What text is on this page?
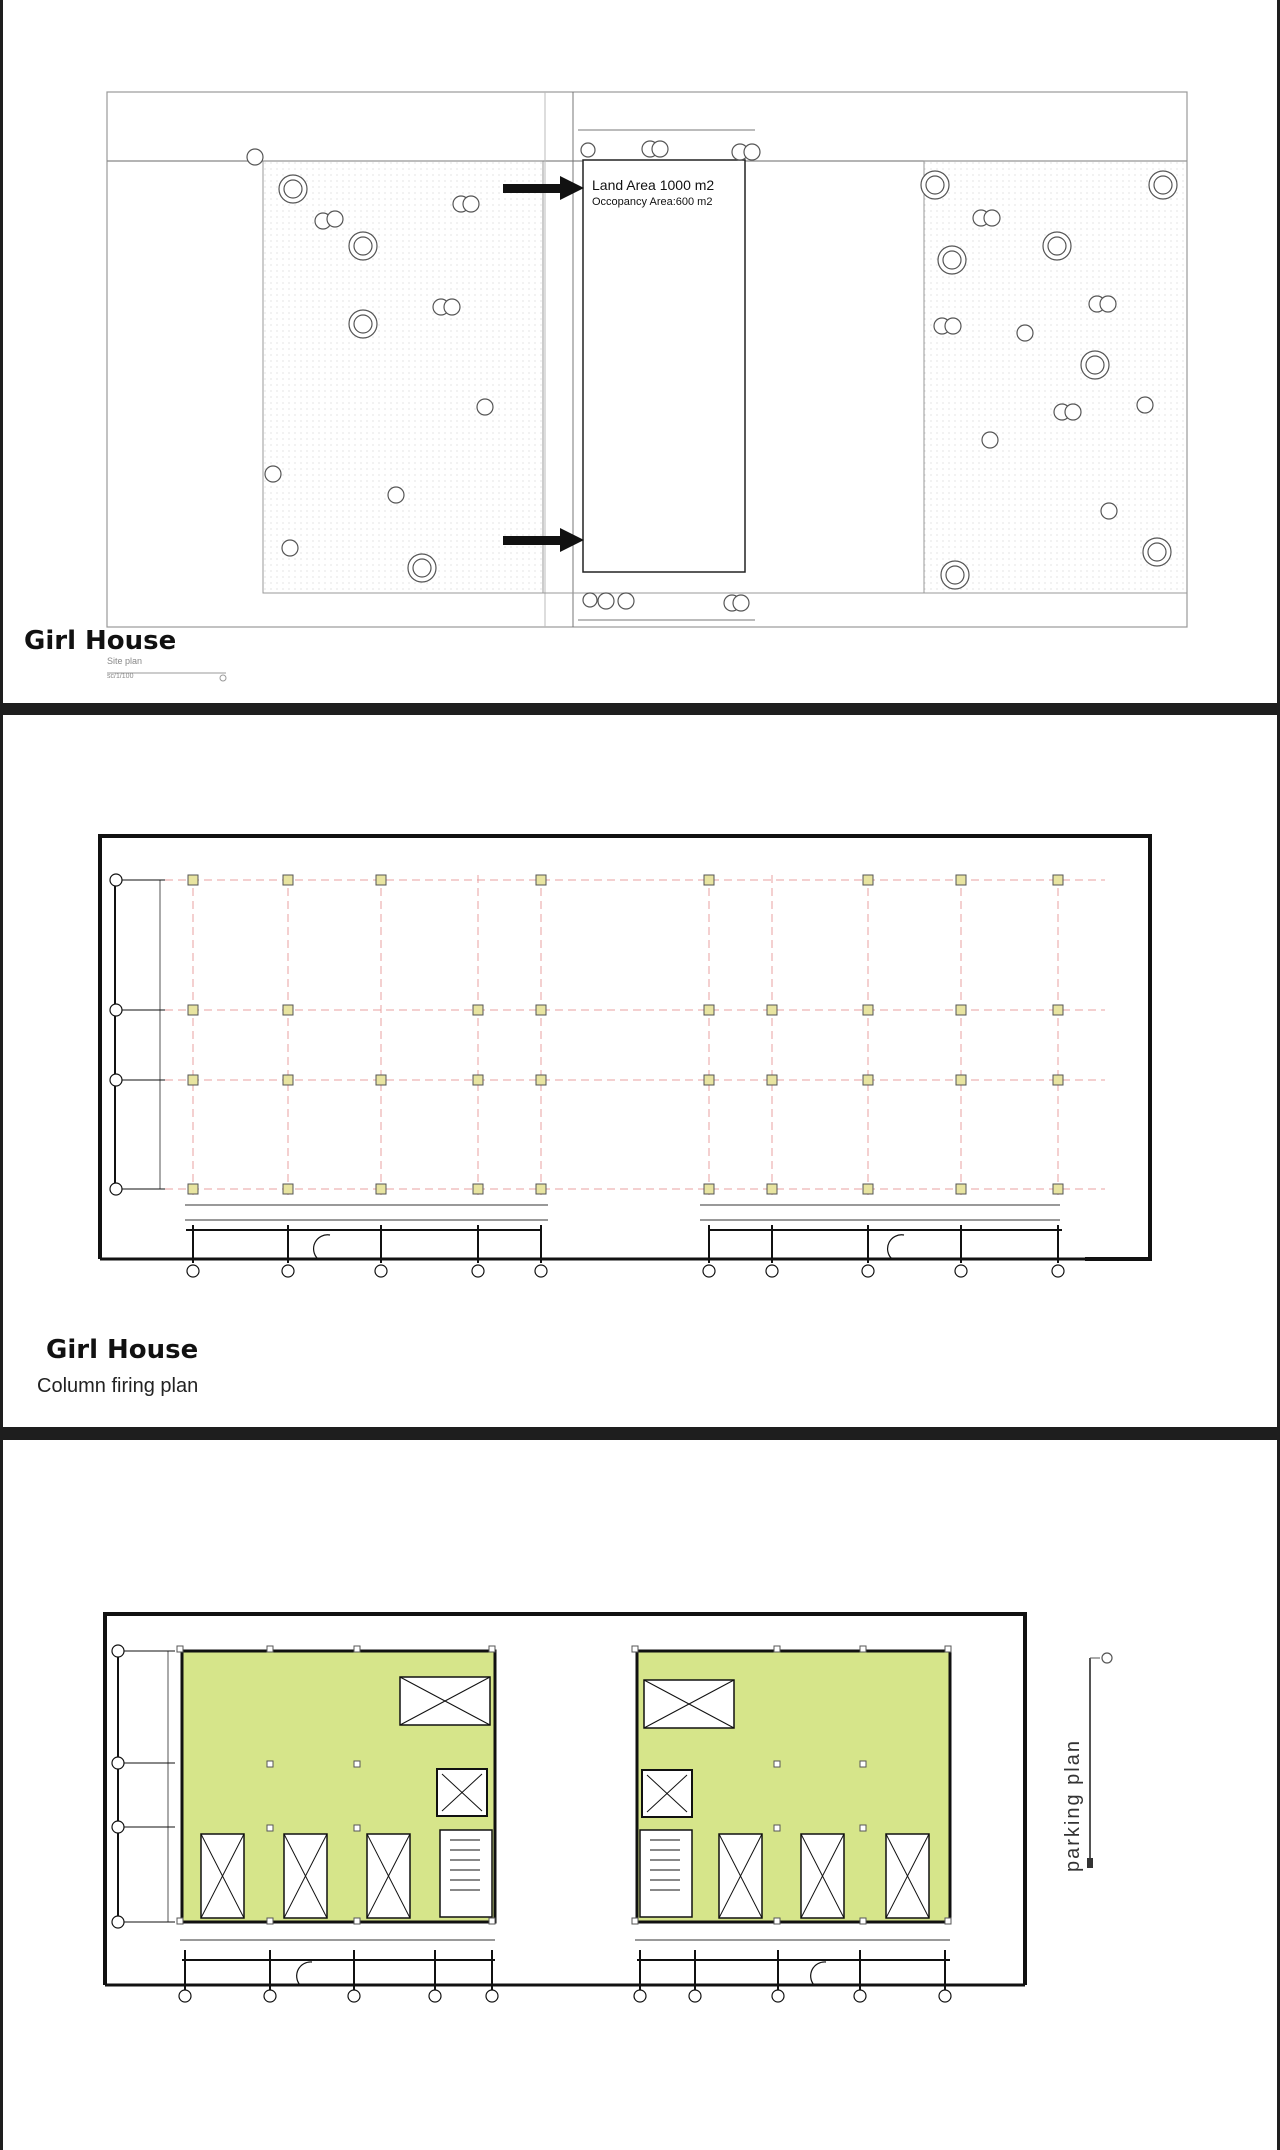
Land Area 1000 m2
Occopancy Area:600 m2
Girl House
Site plan
sc/1/100
Girl House
Column firing plan
parking plan
